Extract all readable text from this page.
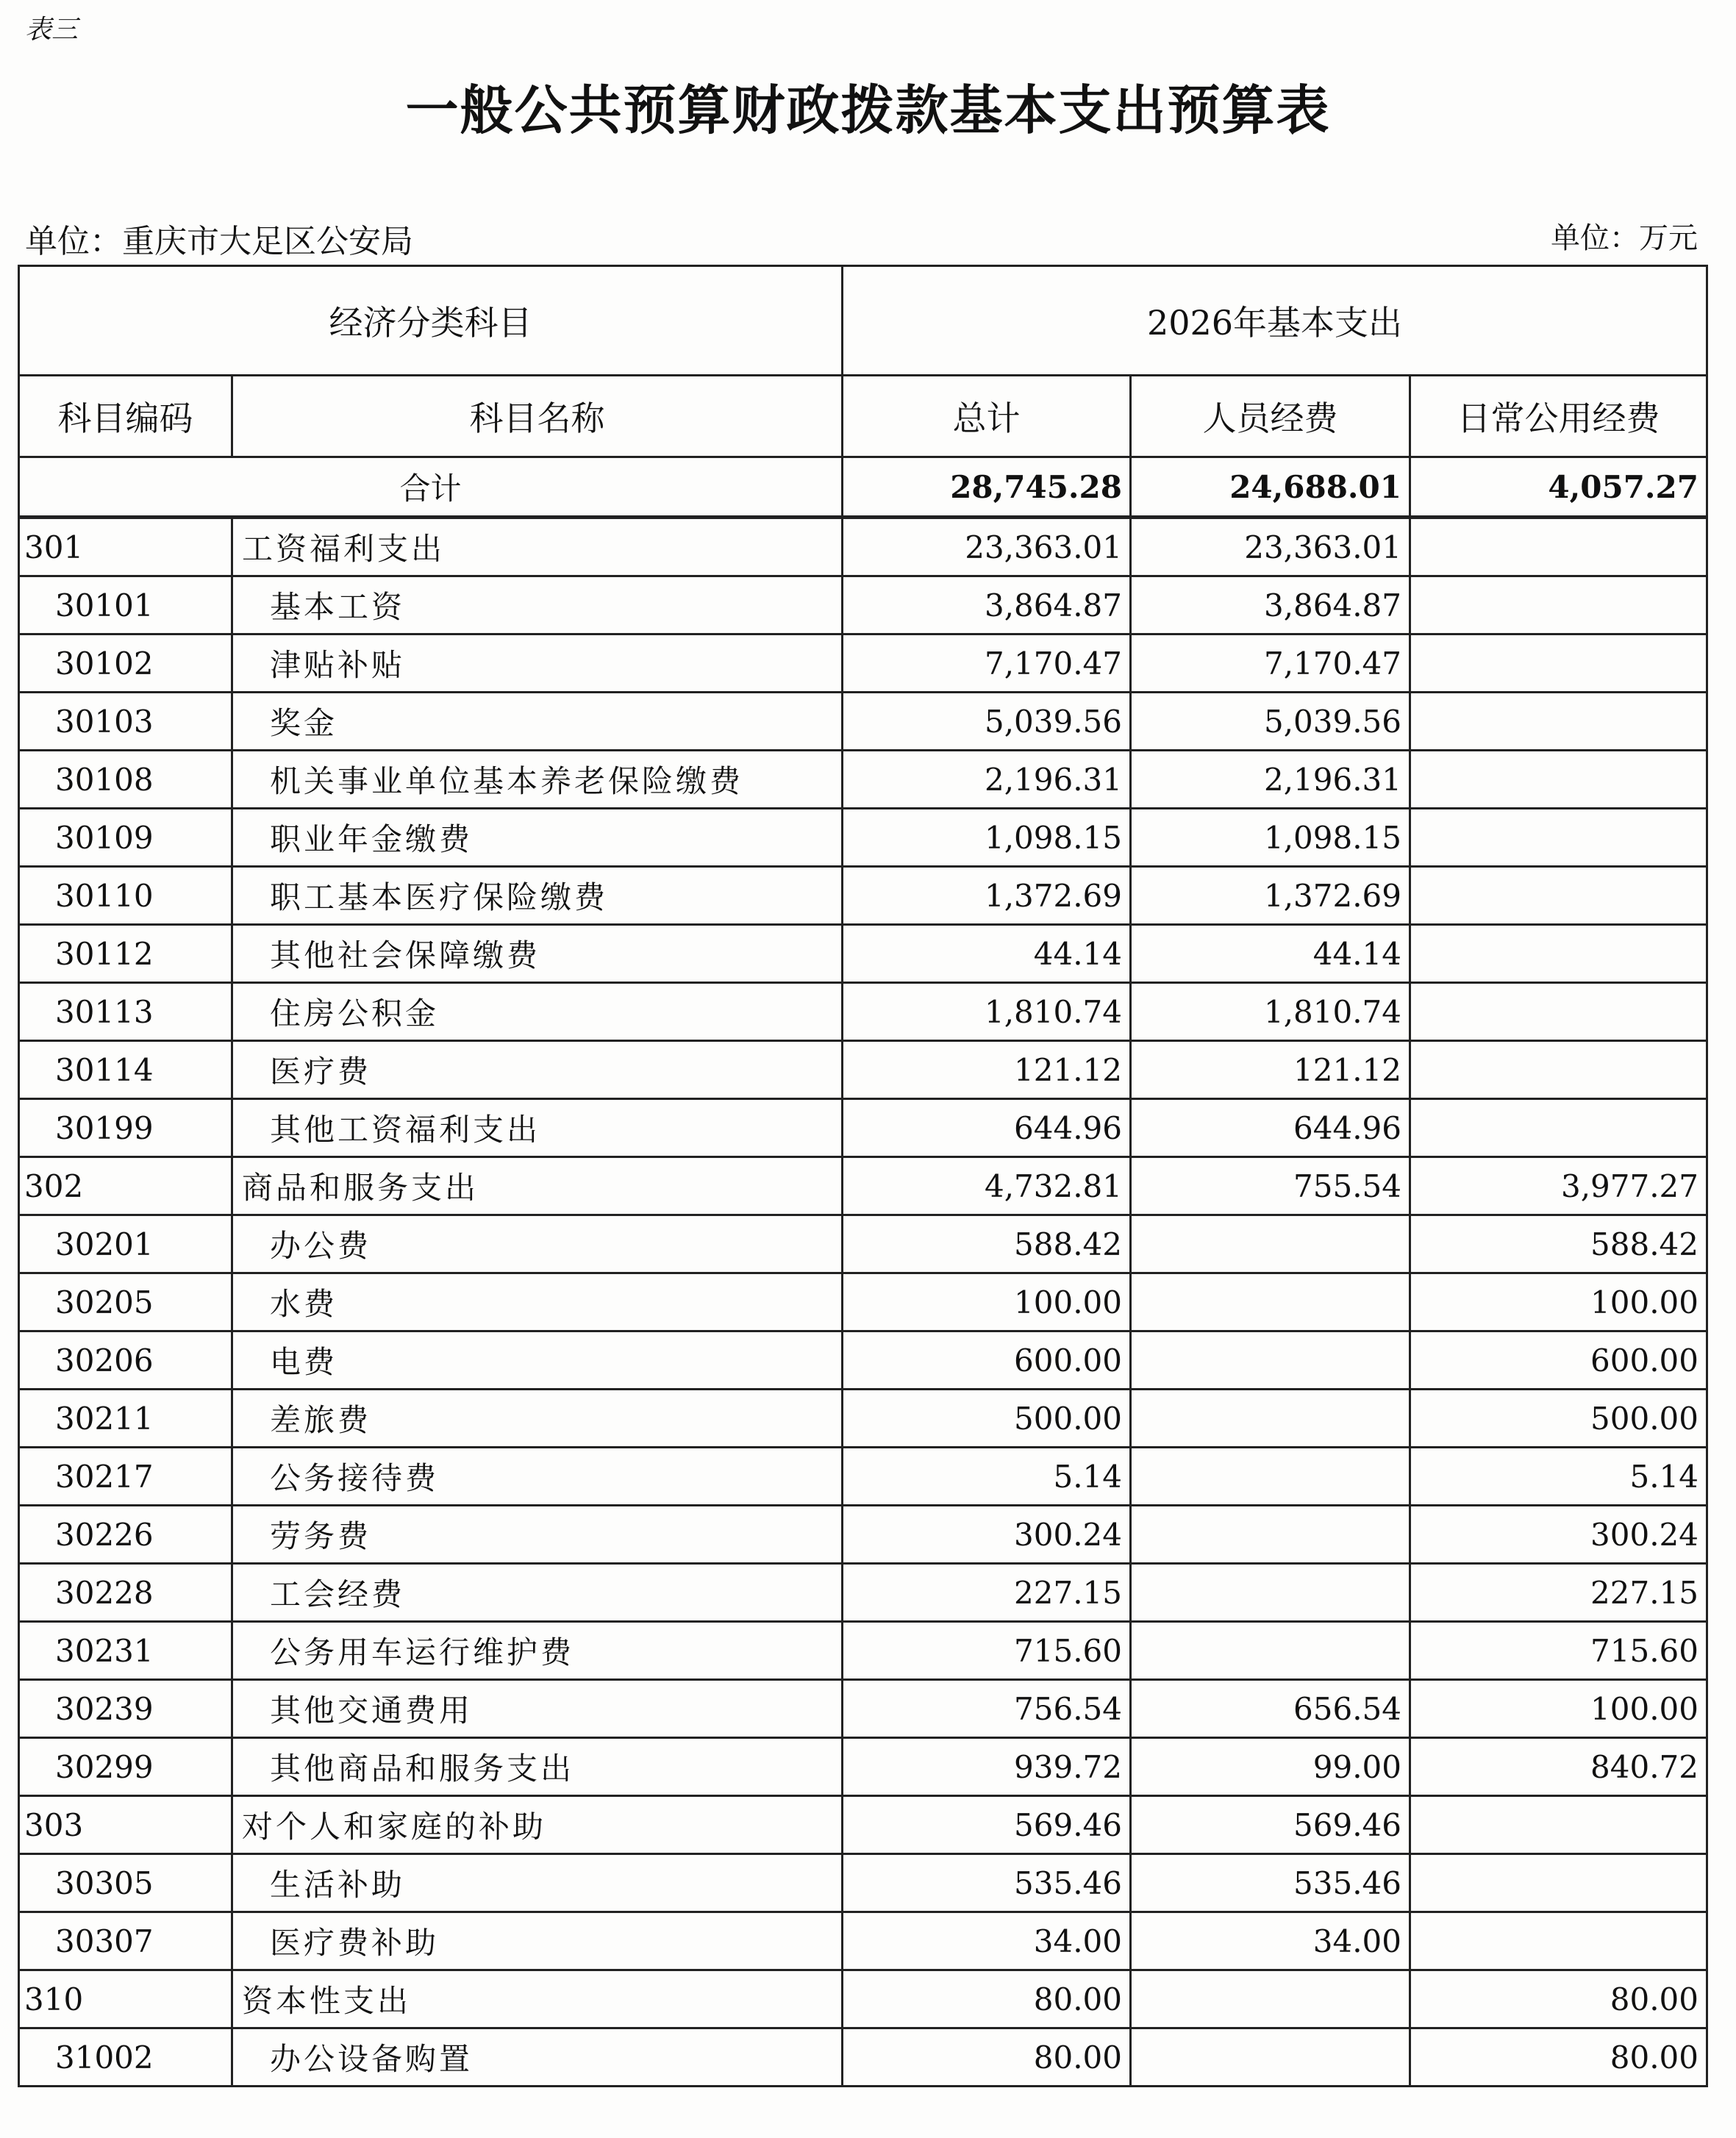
表三
一般公共预算财政拨款基本支出预算表
单位：重庆市大足区公安局	单位：万元
经济分类科目		2026年基本支出		
科目编码	科目名称	总计	人员经费	日常公用经费
合计		28,745.28	24,688.01	4,057.27
301	工资福利支出	23,363.01	23,363.01	
30101	基本工资	3,864.87	3,864.87	
30102	津贴补贴	7,170.47	7,170.47	
30103	奖金	5,039.56	5,039.56	
30108	机关事业单位基本养老保险缴费	2,196.31	2,196.31	
30109	职业年金缴费	1,098.15	1,098.15	
30110	职工基本医疗保险缴费	1,372.69	1,372.69	
30112	其他社会保障缴费	44.14	44.14	
30113	住房公积金	1,810.74	1,810.74	
30114	医疗费	121.12	121.12	
30199	其他工资福利支出	644.96	644.96	
302	商品和服务支出	4,732.81	755.54	3,977.27
30201	办公费	588.42		588.42
30205	水费	100.00		100.00
30206	电费	600.00		600.00
30211	差旅费	500.00		500.00
30217	公务接待费	5.14		5.14
30226	劳务费	300.24		300.24
30228	工会经费	227.15		227.15
30231	公务用车运行维护费	715.60		715.60
30239	其他交通费用	756.54	656.54	100.00
30299	其他商品和服务支出	939.72	99.00	840.72
303	对个人和家庭的补助	569.46	569.46	
30305	生活补助	535.46	535.46	
30307	医疗费补助	34.00	34.00	
310	资本性支出	80.00		80.00
31002	办公设备购置	80.00		80.00
